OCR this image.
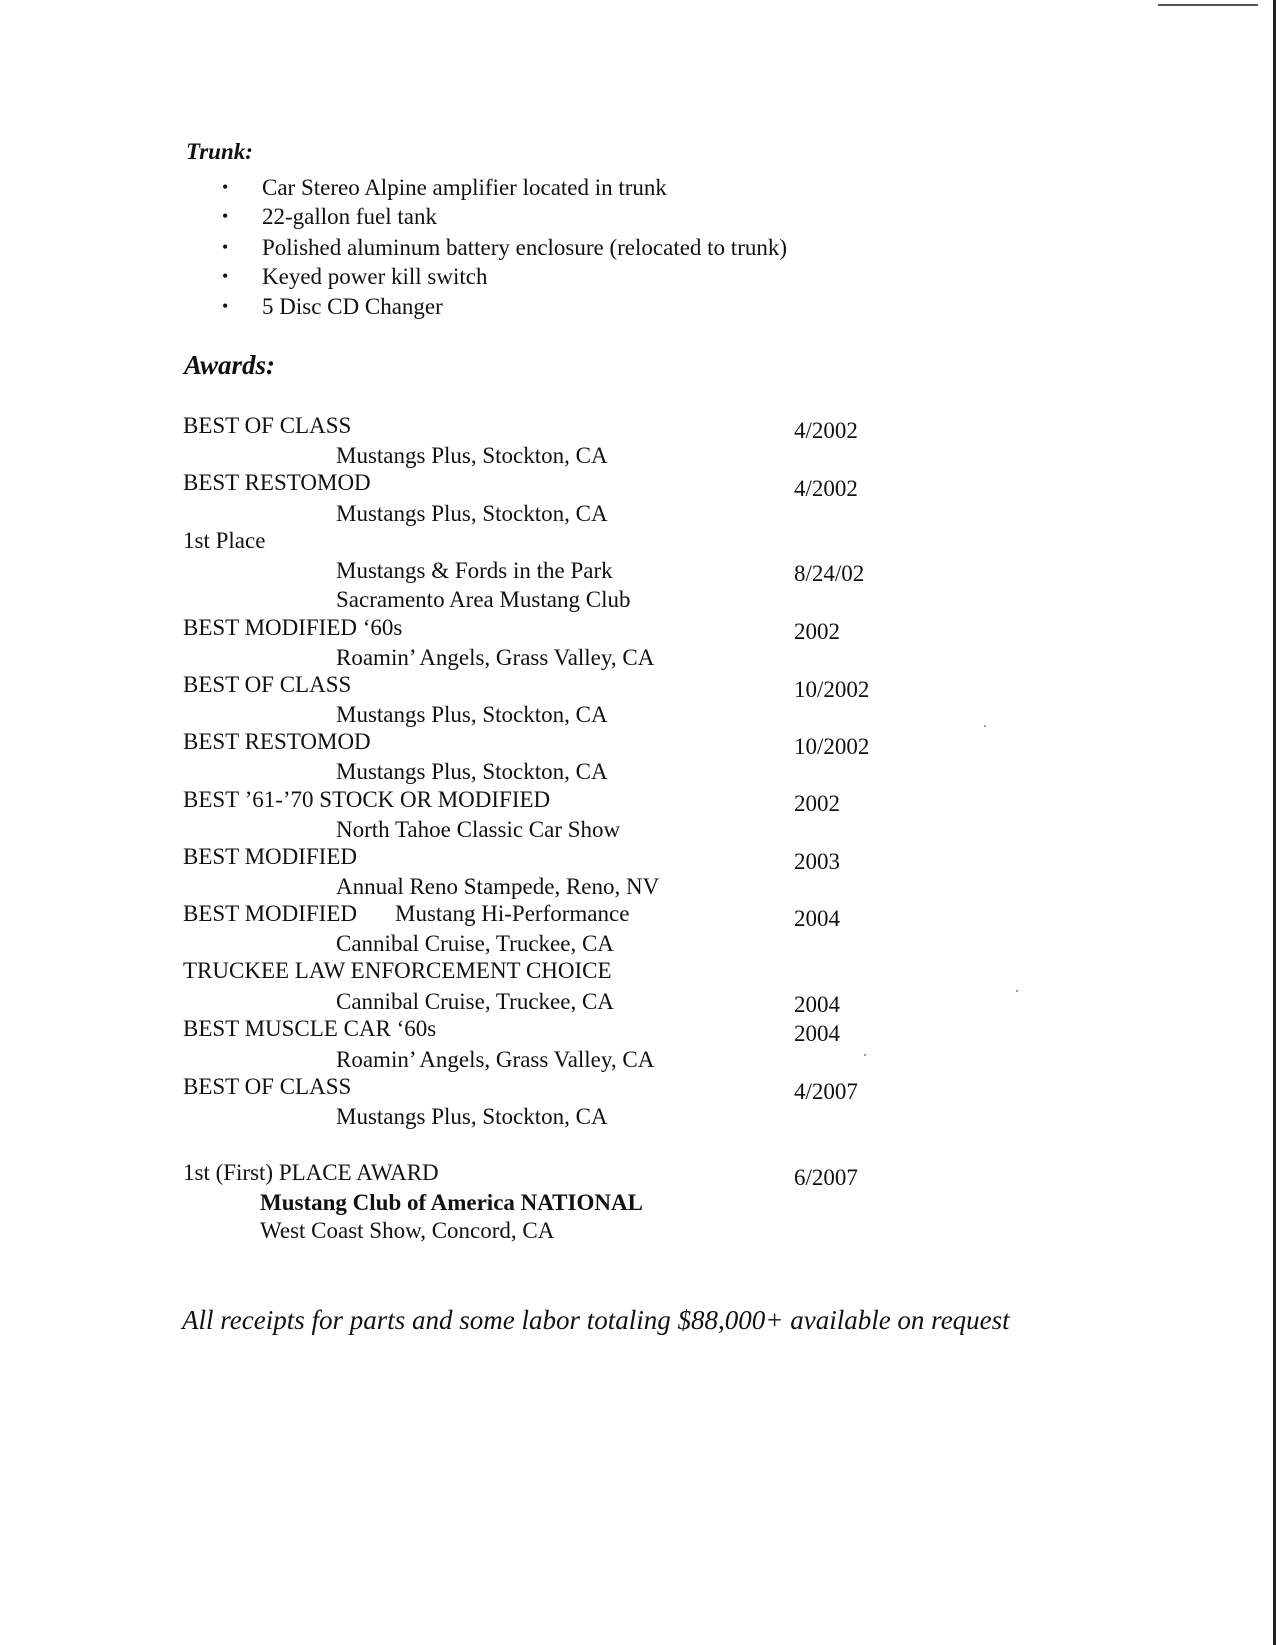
Trunk:
• Car Stereo Alpine amplifier located in trunk
• 22-gallon fuel tank
• Polished aluminum battery enclosure (relocated to trunk)
• Keyed power kill switch
• 5 Disc CD Changer
Awards:
BEST OF CLASS	4/2002
Mustangs Plus, Stockton, CA
BEST RESTOMOD	4/2002
Mustangs Plus, Stockton, CA
1st Place
Mustangs & Fords in the Park	8/24/02
Sacramento Area Mustang Club
BEST MODIFIED ‘60s	2002
Roamin’ Angels, Grass Valley, CA
BEST OF CLASS	10/2002
Mustangs Plus, Stockton, CA
BEST RESTOMOD	10/2002
Mustangs Plus, Stockton, CA
BEST ’61-’70 STOCK OR MODIFIED	2002
North Tahoe Classic Car Show
BEST MODIFIED	2003
Annual Reno Stampede, Reno, NV
BEST MODIFIED Mustang Hi-Performance	2004
Cannibal Cruise, Truckee, CA
TRUCKEE LAW ENFORCEMENT CHOICE
Cannibal Cruise, Truckee, CA	2004
BEST MUSCLE CAR ‘60s	2004
Roamin’ Angels, Grass Valley, CA
BEST OF CLASS	4/2007
Mustangs Plus, Stockton, CA
1st (First) PLACE AWARD	6/2007
Mustang Club of America NATIONAL
West Coast Show, Concord, CA
All receipts for parts and some labor totaling $88,000+ available on request
